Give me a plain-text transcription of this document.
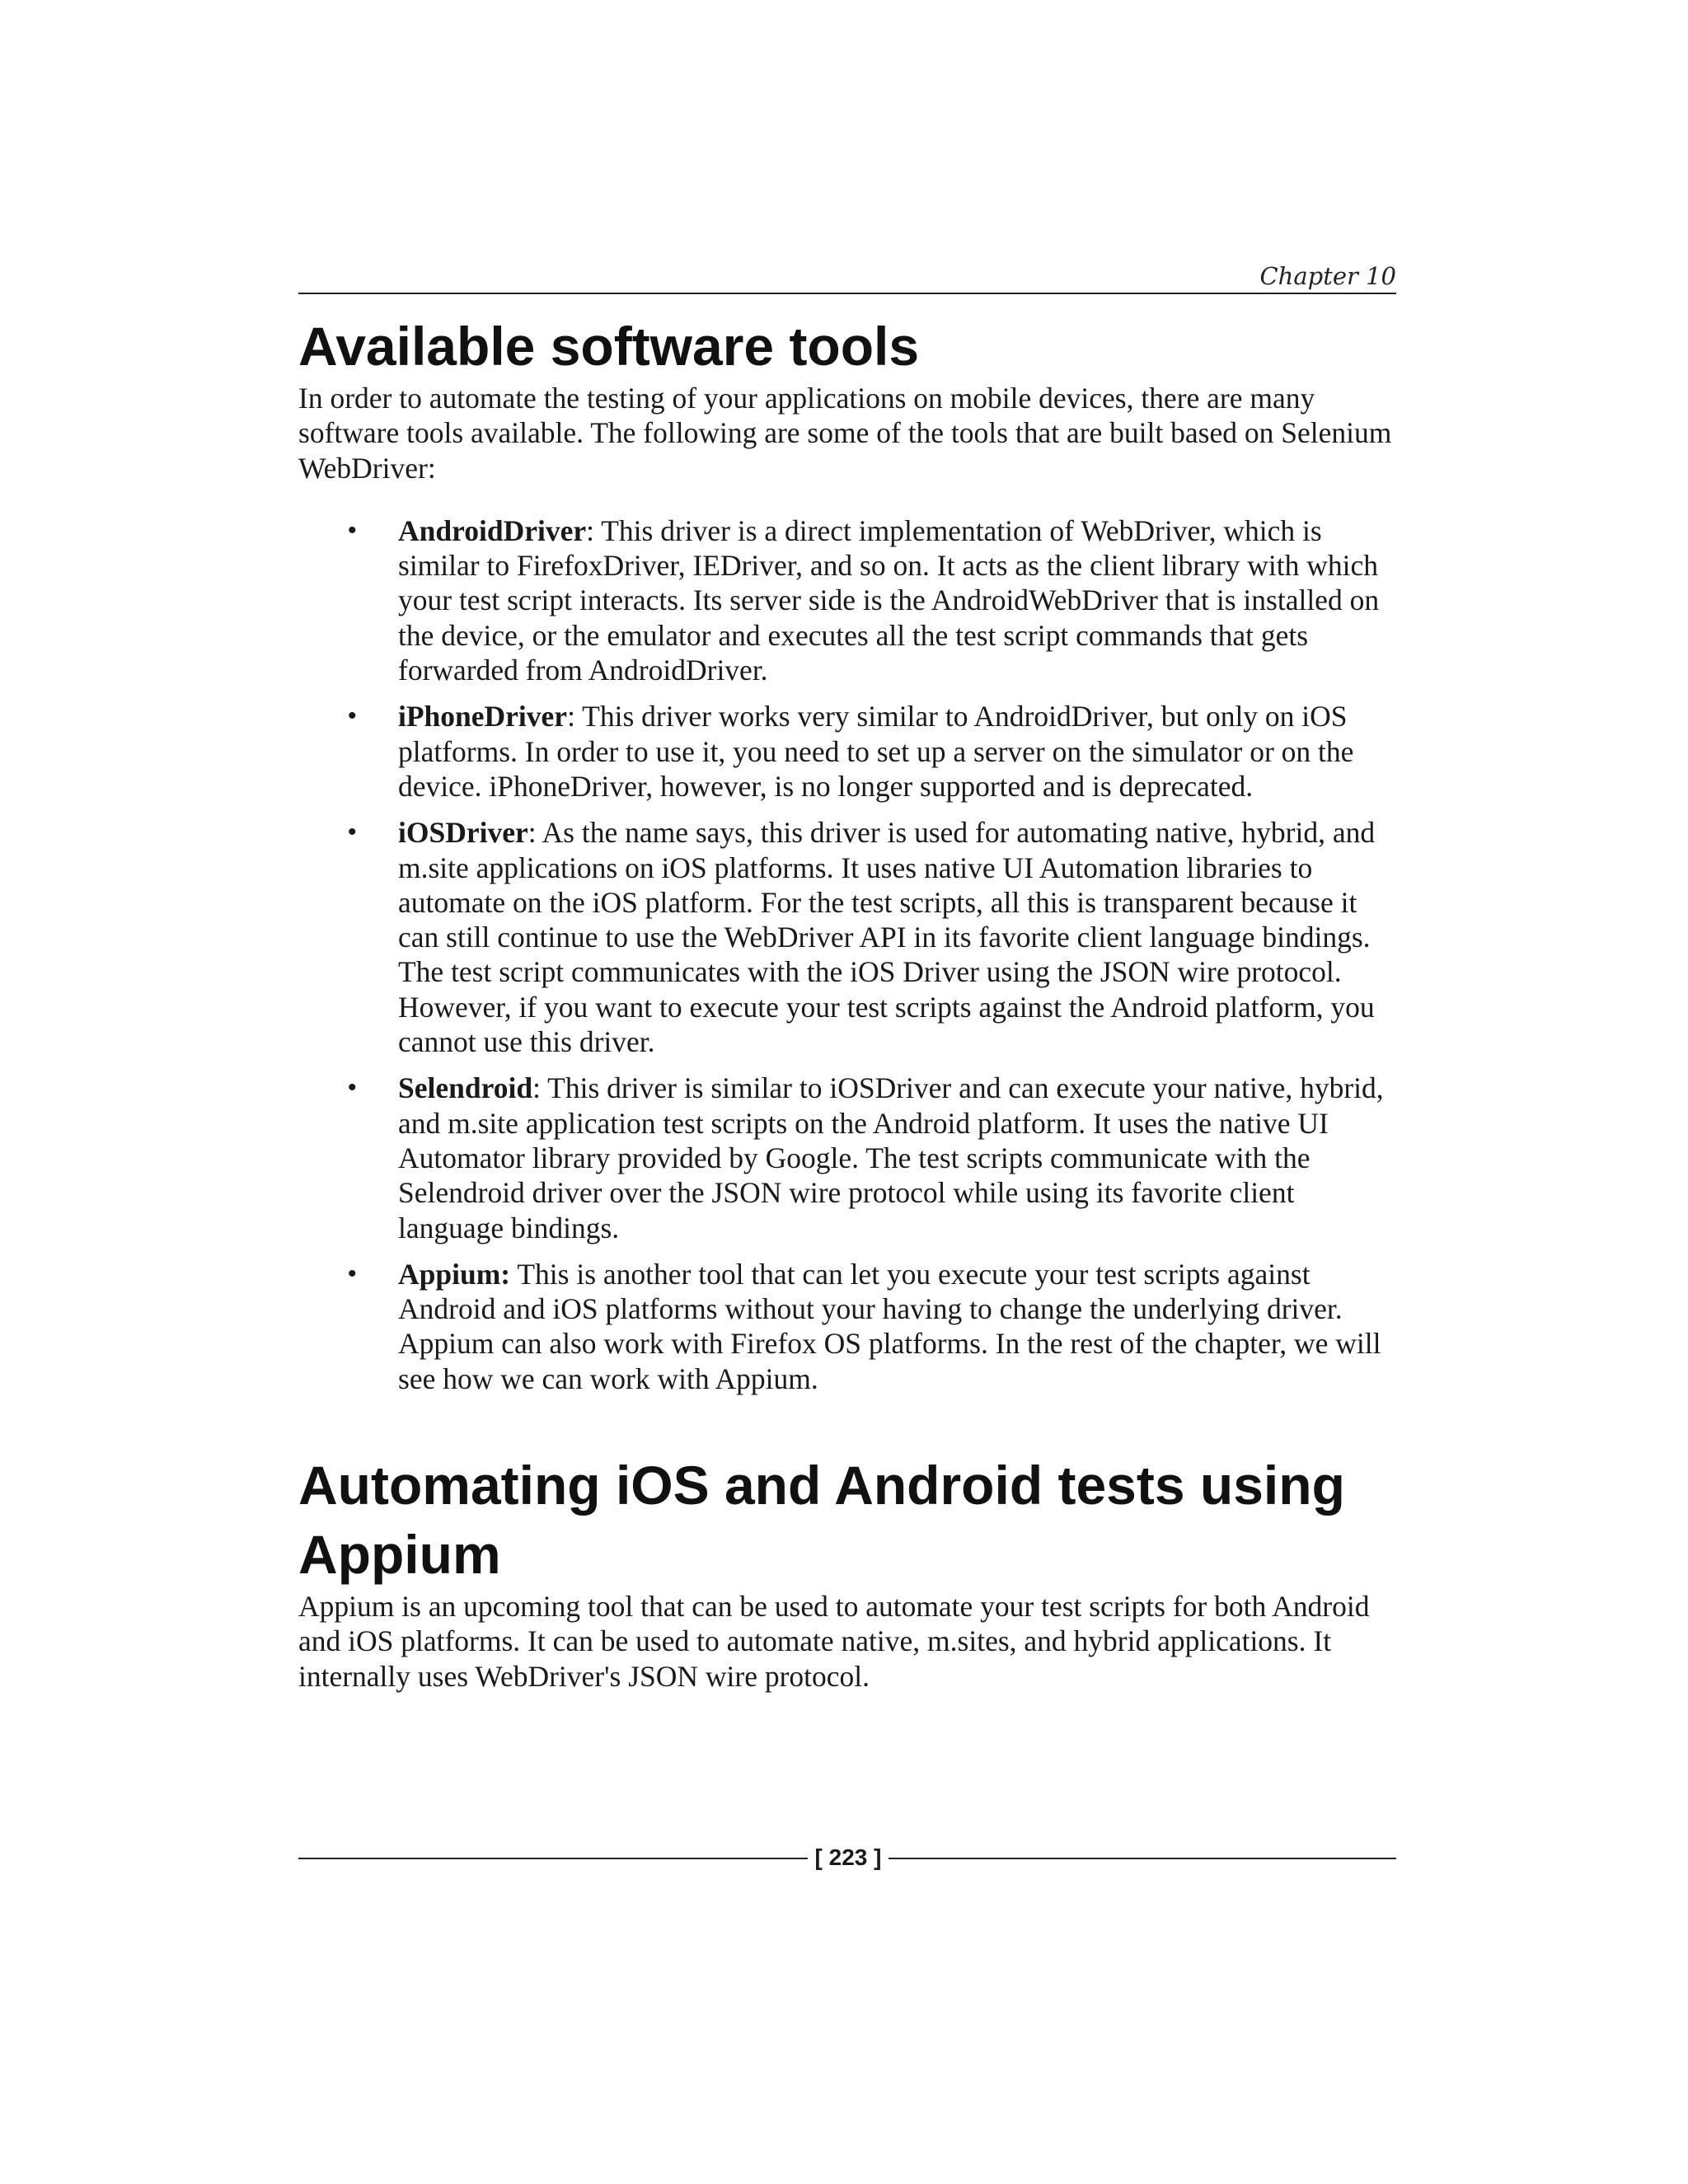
Chapter 10
Available software tools

In order to automate the testing of your applications on mobile devices, there are many software tools available. The following are some of the tools that are built based on Selenium WebDriver:

• AndroidDriver: This driver is a direct implementation of WebDriver, which is similar to FirefoxDriver, IEDriver, and so on. It acts as the client library with which your test script interacts. Its server side is the AndroidWebDriver that is installed on the device, or the emulator and executes all the test script commands that gets forwarded from AndroidDriver.
• iPhoneDriver: This driver works very similar to AndroidDriver, but only on iOS platforms. In order to use it, you need to set up a server on the simulator or on the device. iPhoneDriver, however, is no longer supported and is deprecated.
• iOSDriver: As the name says, this driver is used for automating native, hybrid, and m.site applications on iOS platforms. It uses native UI Automation libraries to automate on the iOS platform. For the test scripts, all this is transparent because it can still continue to use the WebDriver API in its favorite client language bindings. The test script communicates with the iOS Driver using the JSON wire protocol. However, if you want to execute your test scripts against the Android platform, you cannot use this driver.
• Selendroid: This driver is similar to iOSDriver and can execute your native, hybrid, and m.site application test scripts on the Android platform. It uses the native UI Automator library provided by Google. The test scripts communicate with the Selendroid driver over the JSON wire protocol while using its favorite client language bindings.
• Appium: This is another tool that can let you execute your test scripts against Android and iOS platforms without your having to change the underlying driver. Appium can also work with Firefox OS platforms. In the rest of the chapter, we will see how we can work with Appium.
Automating iOS and Android tests using Appium

Appium is an upcoming tool that can be used to automate your test scripts for both Android and iOS platforms. It can be used to automate native, m.sites, and hybrid applications. It internally uses WebDriver's JSON wire protocol.

[ 223 ]
